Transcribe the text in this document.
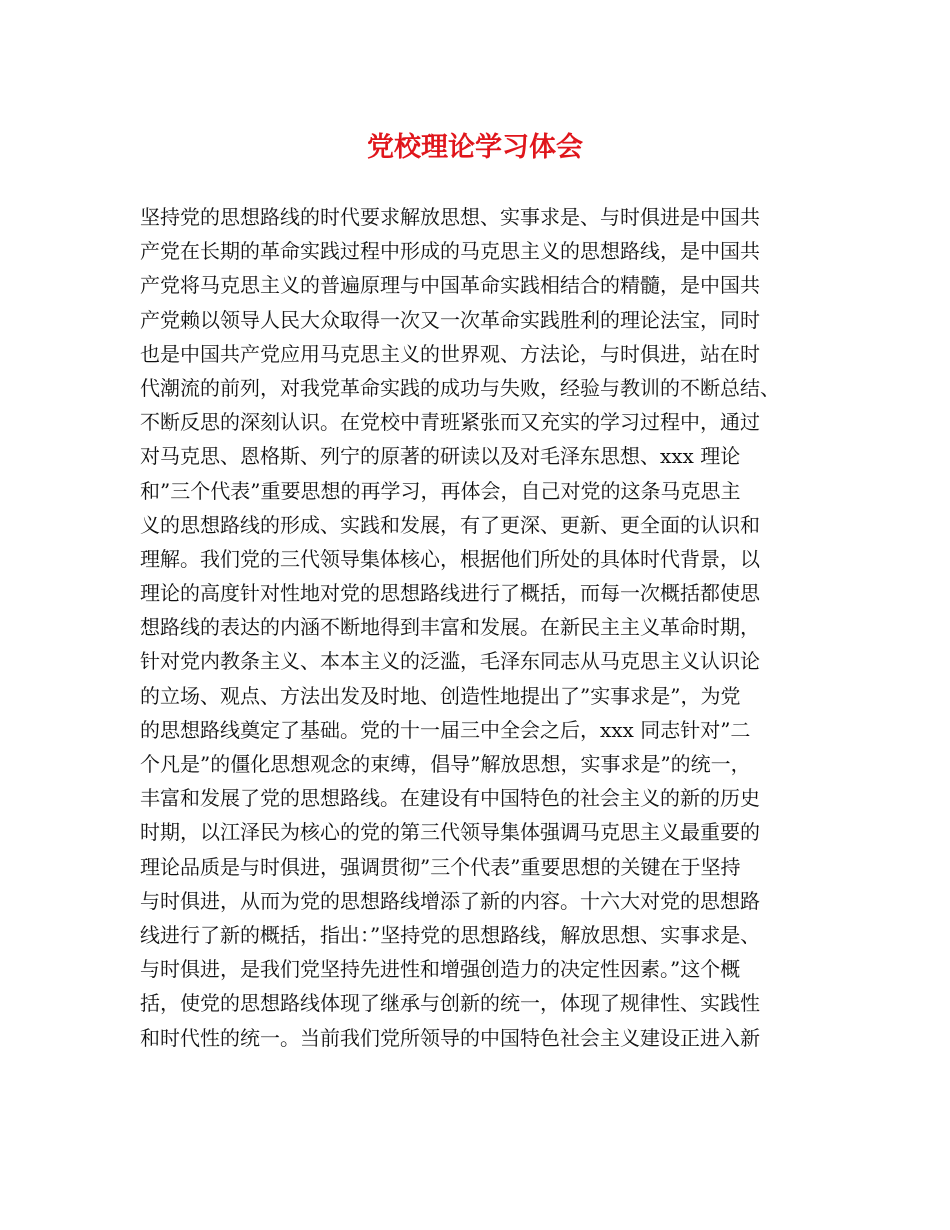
党校理论学习体会
坚持党的思想路线的时代要求解放思想、实事求是、与时俱进是中国共
产党在长期的革命实践过程中形成的马克思主义的思想路线，是中国共
产党将马克思主义的普遍原理与中国革命实践相结合的精髓，是中国共
产党赖以领导人民大众取得一次又一次革命实践胜利的理论法宝，同时
也是中国共产党应用马克思主义的世界观、方法论，与时俱进，站在时
代潮流的前列，对我党革命实践的成功与失败，经验与教训的不断总结、
不断反思的深刻认识。在党校中青班紧张而又充实的学习过程中，通过
对马克思、恩格斯、列宁的原著的研读以及对毛泽东思想、xxx 理论
和”三个代表”重要思想的再学习，再体会，自己对党的这条马克思主
义的思想路线的形成、实践和发展，有了更深、更新、更全面的认识和
理解。我们党的三代领导集体核心，根据他们所处的具体时代背景，以
理论的高度针对性地对党的思想路线进行了概括，而每一次概括都使思
想路线的表达的内涵不断地得到丰富和发展。在新民主主义革命时期，
针对党内教条主义、本本主义的泛滥，毛泽东同志从马克思主义认识论
的立场、观点、方法出发及时地、创造性地提出了”实事求是”，为党
的思想路线奠定了基础。党的十一届三中全会之后，xxx 同志针对”二
个凡是”的僵化思想观念的束缚，倡导”解放思想，实事求是”的统一，
丰富和发展了党的思想路线。在建设有中国特色的社会主义的新的历史
时期，以江泽民为核心的党的第三代领导集体强调马克思主义最重要的
理论品质是与时俱进，强调贯彻”三个代表”重要思想的关键在于坚持
与时俱进，从而为党的思想路线增添了新的内容。十六大对党的思想路
线进行了新的概括，指出：”坚持党的思想路线，解放思想、实事求是、
与时俱进，是我们党坚持先进性和增强创造力的决定性因素。”这个概
括，使党的思想路线体现了继承与创新的统一，体现了规律性、实践性
和时代性的统一。当前我们党所领导的中国特色社会主义建设正进入新
